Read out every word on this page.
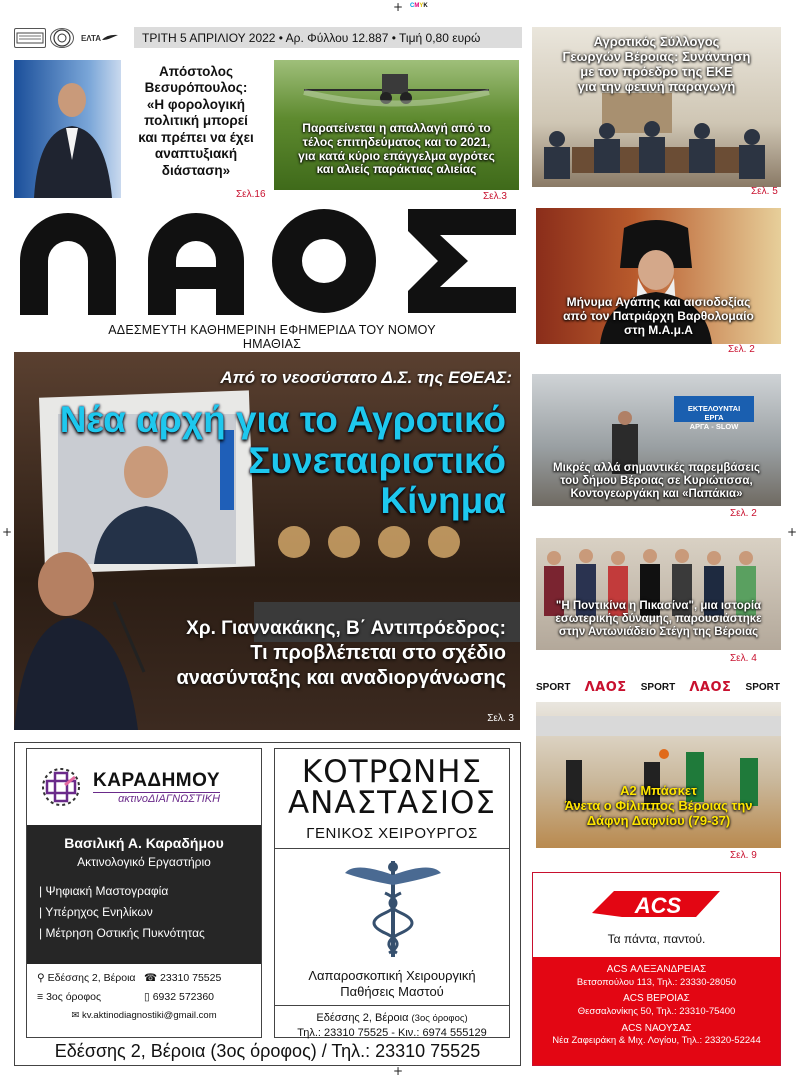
+
+
+	+
CMYK
ΕΛΤΑ	ΤΡΙΤΗ 5 ΑΠΡΙΛΙΟΥ 2022 • Αρ. Φύλλου 12.887 • Τιμή 0,80 ευρώ
Απόστολος
Βεσυρόπουλος:
«Η φορολογική
πολιτική μπορεί
και πρέπει να έχει
αναπτυξιακή
διάσταση»
Σελ.16
Παρατείνεται η απαλλαγή από το
τέλος επιτηδεύματος και το 2021,
για κατά κύριο επάγγελμα αγρότες
και αλιείς παράκτιας αλιείας
Σελ.3
ΛΑΟΣ
ΑΔΕΣΜΕΥΤΗ ΚΑΘΗΜΕΡΙΝΗ ΕΦΗΜΕΡΙΔΑ ΤΟΥ ΝΟΜΟΥ ΗΜΑΘΙΑΣ
Αγροτικός Σύλλογος
Γεωργών Βέροιας: Συνάντηση
με τον πρόεδρο της ΕΚΕ
για την φετινή παραγωγή
Σελ. 5
Μήνυμα Αγάπης και αισιοδοξίας
από τον Πατριάρχη Βαρθολομαίο
στη Μ.Α.μ.Α
Σελ. 2
ΕΚΤΕΛΟΥΝΤΑΙ ΕΡΓΑ
ΑΡΓΑ - SLOW
Μικρές αλλά σημαντικές παρεμβάσεις
του δήμου Βέροιας σε Κυριώτισσα,
Κοντογεωργάκη και «Παπάκια»
Σελ. 2
"Η Ποντικίνα η Πικασίνα", μια ιστορία
εσωτερικής δύναμης, παρουσιάστηκε
στην Αντωνιάδειο Στέγη της Βέροιας
Σελ. 4
SPORT ΛΑΟΣ SPORT ΛΑΟΣ SPORT
Α2 Μπάσκετ
Άνετα ο Φίλιππος Βέροιας την
Δάφνη Δαφνίου (79-37)
Σελ. 9
Από το νεοσύστατο Δ.Σ. της ΕΘΕΑΣ:
Νέα αρχή για το Αγροτικό
Συνεταιριστικό
Κίνημα
Χρ. Γιαννακάκης, Β΄ Αντιπρόεδρος:
Τι προβλέπεται στο σχέδιο
ανασύνταξης και αναδιοργάνωσης
Σελ. 3
ΚΑΡΑΔΗΜΟΥ
ακτινοΔΙΑΓΝΩΣΤΙΚΗ
Βασιλική Α. Καραδήμου
Ακτινολογικό Εργαστήριο
| Ψηφιακή Μαστογραφία
| Υπέρηχος Ενηλίκων
| Μέτρηση Οστικής Πυκνότητας
⚲ Εδέσσης 2, Βέροια ☎ 23310 75525
≡ 3ος όροφος	▯ 6932 572360
✉ kv.aktinodiagnostiki@gmail.com
ΚΟΤΡΩΝΗΣ
ΑΝΑΣΤΑΣΙΟΣ
ΓΕΝΙΚΟΣ ΧΕΙΡΟΥΡΓΟΣ
Λαπαροσκοπική Χειρουργική
Παθήσεις Μαστού
Εδέσσης 2, Βέροια (3ος όροφος)
Τηλ.: 23310 75525 - Κιν.: 6974 555129
Εδέσσης 2, Βέροια (3ος όροφος) / Τηλ.: 23310 75525
ACS
Τα πάντα, παντού.
ACS ΑΛΕΞΑΝΔΡΕΙΑΣ
Βετσοπούλου 113, Τηλ.: 23330-28050
ACS ΒΕΡΟΙΑΣ
Θεσσαλονίκης 50, Τηλ.: 23310-75400
ACS ΝΑΟΥΣΑΣ
Νέα Ζαφειράκη & Μιχ. Λογίου, Τηλ.: 23320-52244
